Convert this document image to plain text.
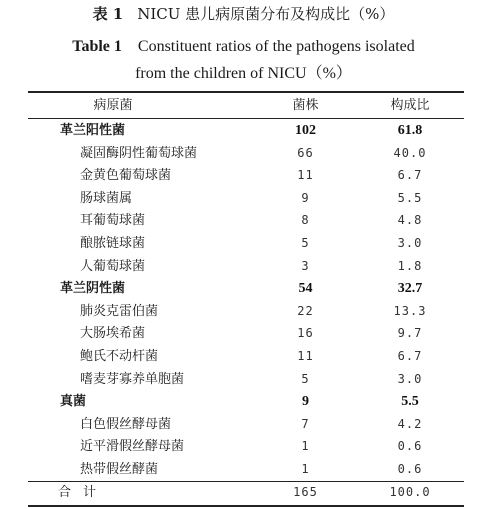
表 1 NICU 患儿病原菌分布及构成比（%）
Table 1 Constituent ratios of the pathogens isolated
from the children of NICU（%）
病原菌	菌株	构成比
革兰阳性菌	102	61.8
凝固酶阴性葡萄球菌	66	40.0
金黄色葡萄球菌	11	6.7
肠球菌属	9	5.5
耳葡萄球菌	8	4.8
酿脓链球菌	5	3.0
人葡萄球菌	3	1.8
革兰阴性菌	54	32.7
肺炎克雷伯菌	22	13.3
大肠埃希菌	16	9.7
鲍氏不动杆菌	11	6.7
嗜麦芽寡养单胞菌	5	3.0
真菌	9	5.5
白色假丝酵母菌	7	4.2
近平滑假丝酵母菌	1	0.6
热带假丝酵菌	1	0.6
合计	165	100.0
